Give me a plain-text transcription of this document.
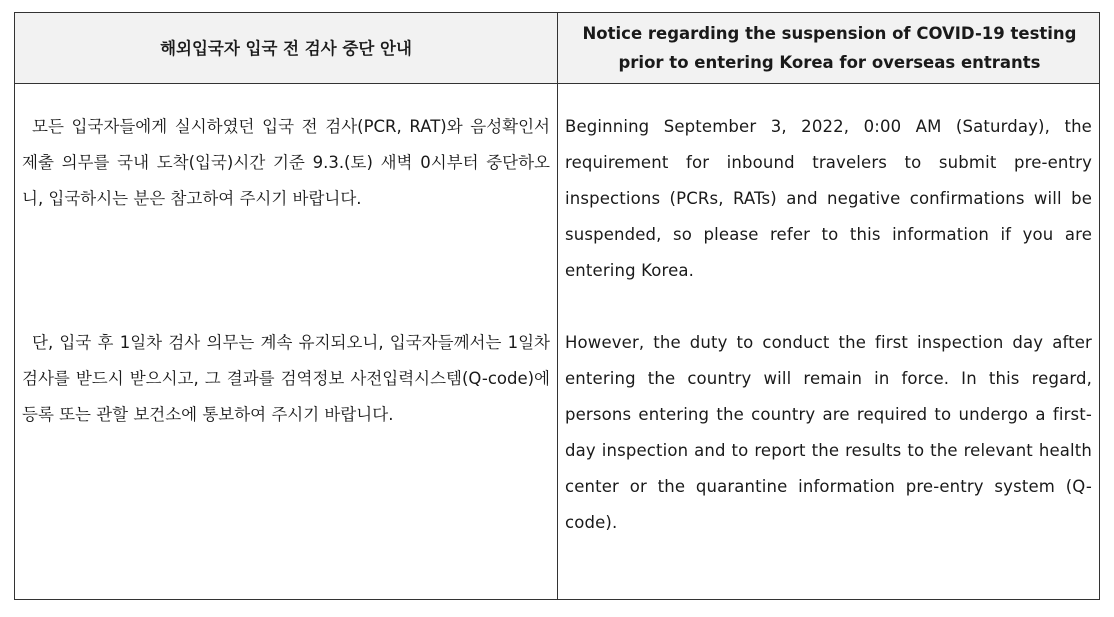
해외입국자 입국 전 검사 중단 안내
Notice regarding the suspension of COVID-19 testing prior to entering Korea for overseas entrants

모든 입국자들에게 실시하였던 입국 전 검사(PCR, RAT)와 음성확인서 제출 의무를 국내 도착(입국)시간 기준 9.3.(토) 새벽 0시부터 중단하오니, 입국하시는 분은 참고하여 주시기 바랍니다.

단, 입국 후 1일차 검사 의무는 계속 유지되오니, 입국자들께서는 1일차 검사를 받드시 받으시고, 그 결과를 검역정보 사전입력시스템(Q-code)에 등록 또는 관할 보건소에 통보하여 주시기 바랍니다.

Beginning September 3, 2022, 0:00 AM (Saturday), the requirement for inbound travelers to submit pre-entry inspections (PCRs, RATs) and negative confirmations will be suspended, so please refer to this information if you are entering Korea.

However, the duty to conduct the first inspection day after entering the country will remain in force. In this regard, persons entering the country are required to undergo a first-day inspection and to report the results to the relevant health center or the quarantine information pre-entry system (Q-code).
